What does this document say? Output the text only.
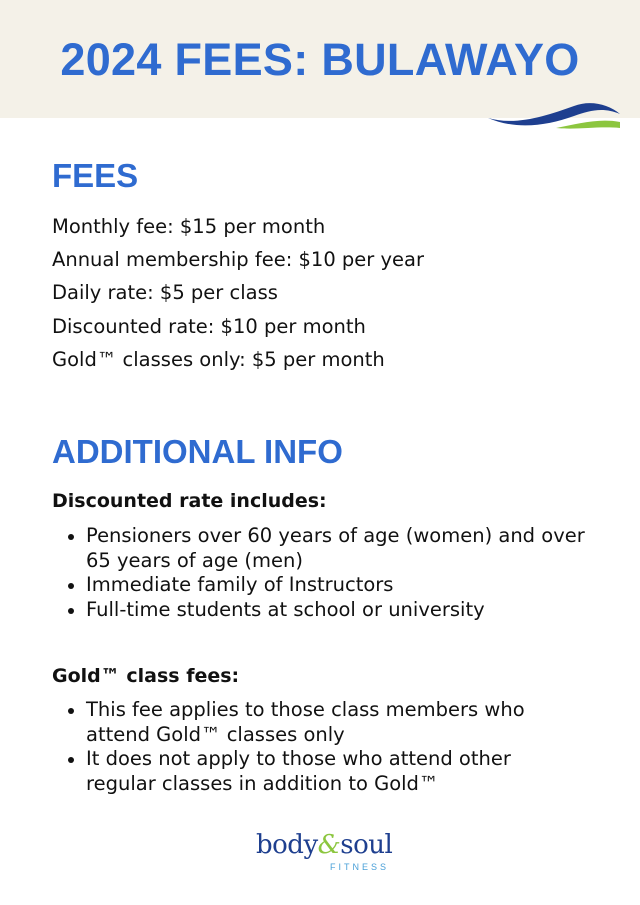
2024 FEES: BULAWAYO
FEES
Monthly fee: $15 per month
Annual membership fee: $10 per year
Daily rate: $5 per class
Discounted rate: $10 per month
Gold™ classes only: $5 per month
ADDITIONAL INFO

Discounted rate includes:

Pensioners over 60 years of age (women) and over 65 years of age (men)
Immediate family of Instructors
Full-time students at school or university

Gold™ class fees:

This fee applies to those class members who attend Gold™ classes only
It does not apply to those who attend other regular classes in addition to Gold™
body&soul
FITNESS
